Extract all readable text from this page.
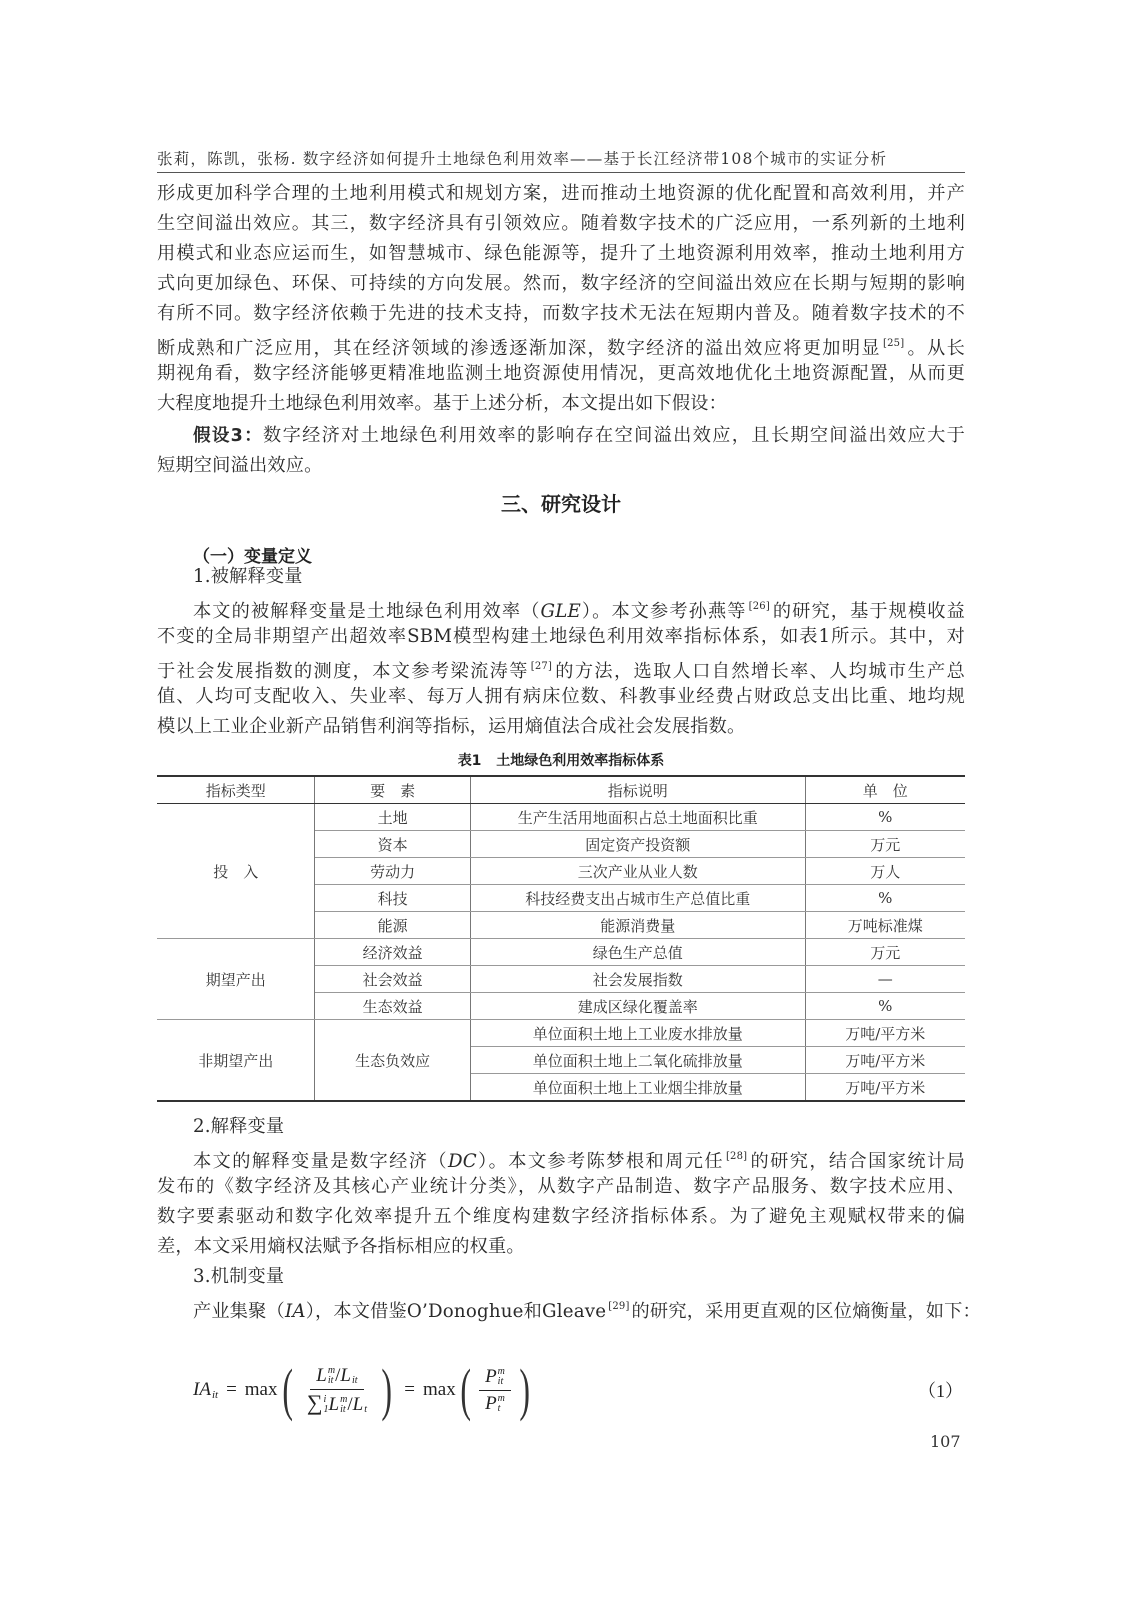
张莉，陈凯，张杨. 数字经济如何提升土地绿色利用效率——基于长江经济带108个城市的实证分析
形成更加科学合理的土地利用模式和规划方案，进而推动土地资源的优化配置和高效利用，并产
生空间溢出效应。其三，数字经济具有引领效应。随着数字技术的广泛应用，一系列新的土地利
用模式和业态应运而生，如智慧城市、绿色能源等，提升了土地资源利用效率，推动土地利用方
式向更加绿色、环保、可持续的方向发展。然而，数字经济的空间溢出效应在长期与短期的影响
有所不同。数字经济依赖于先进的技术支持，而数字技术无法在短期内普及。随着数字技术的不
断成熟和广泛应用，其在经济领域的渗透逐渐加深，数字经济的溢出效应将更加明显 [25] 。从长
期视角看，数字经济能够更精准地监测土地资源使用情况，更高效地优化土地资源配置，从而更
大程度地提升土地绿色利用效率。基于上述分析，本文提出如下假设：
假设3：数字经济对土地绿色利用效率的影响存在空间溢出效应，且长期空间溢出效应大于
短期空间溢出效应。
三、研究设计
（一）变量定义
1.被解释变量
本文的被解释变量是土地绿色利用效率（GLE）。本文参考孙燕等 [26] 的研究，基于规模收益
不变的全局非期望产出超效率SBM模型构建土地绿色利用效率指标体系，如表1所示。其中，对
于社会发展指数的测度，本文参考梁流涛等 [27] 的方法，选取人口自然增长率、人均城市生产总
值、人均可支配收入、失业率、每万人拥有病床位数、科教事业经费占财政总支出比重、地均规
模以上工业企业新产品销售利润等指标，运用熵值法合成社会发展指数。
表1 土地绿色利用效率指标体系
指标类型	要　素	指标说明	单　位
投　入	土地	生产生活用地面积占总土地面积比重	%
	资本	固定资产投资额	万元
	劳动力	三次产业从业人数	万人
	科技	科技经费支出占城市生产总值比重	%
	能源	能源消费量	万吨标准煤
期望产出	经济效益	绿色生产总值	万元
	社会效益	社会发展指数	—
	生态效益	建成区绿化覆盖率	%
非期望产出	生态负效应	单位面积土地上工业废水排放量	万吨/平方米
		单位面积土地上二氧化硫排放量	万吨/平方米
		单位面积土地上工业烟尘排放量	万吨/平方米
2.解释变量
本文的解释变量是数字经济（DC）。本文参考陈梦根和周元任 [28] 的研究，结合国家统计局
发布的《数字经济及其核心产业统计分类》，从数字产品制造、数字产品服务、数字技术应用、
数字要素驱动和数字化效率提升五个维度构建数字经济指标体系。为了避免主观赋权带来的偏
差，本文采用熵权法赋予各指标相应的权重。
3.机制变量
产业集聚（IA），本文借鉴O’Donoghue和Gleave [29] 的研究，采用更直观的区位熵衡量，如下：
IA
it = max ( L m
it /L
it
∑ i
1 L m
it /L
t ) = max ( P m
it
P m
t )	（1）
107
